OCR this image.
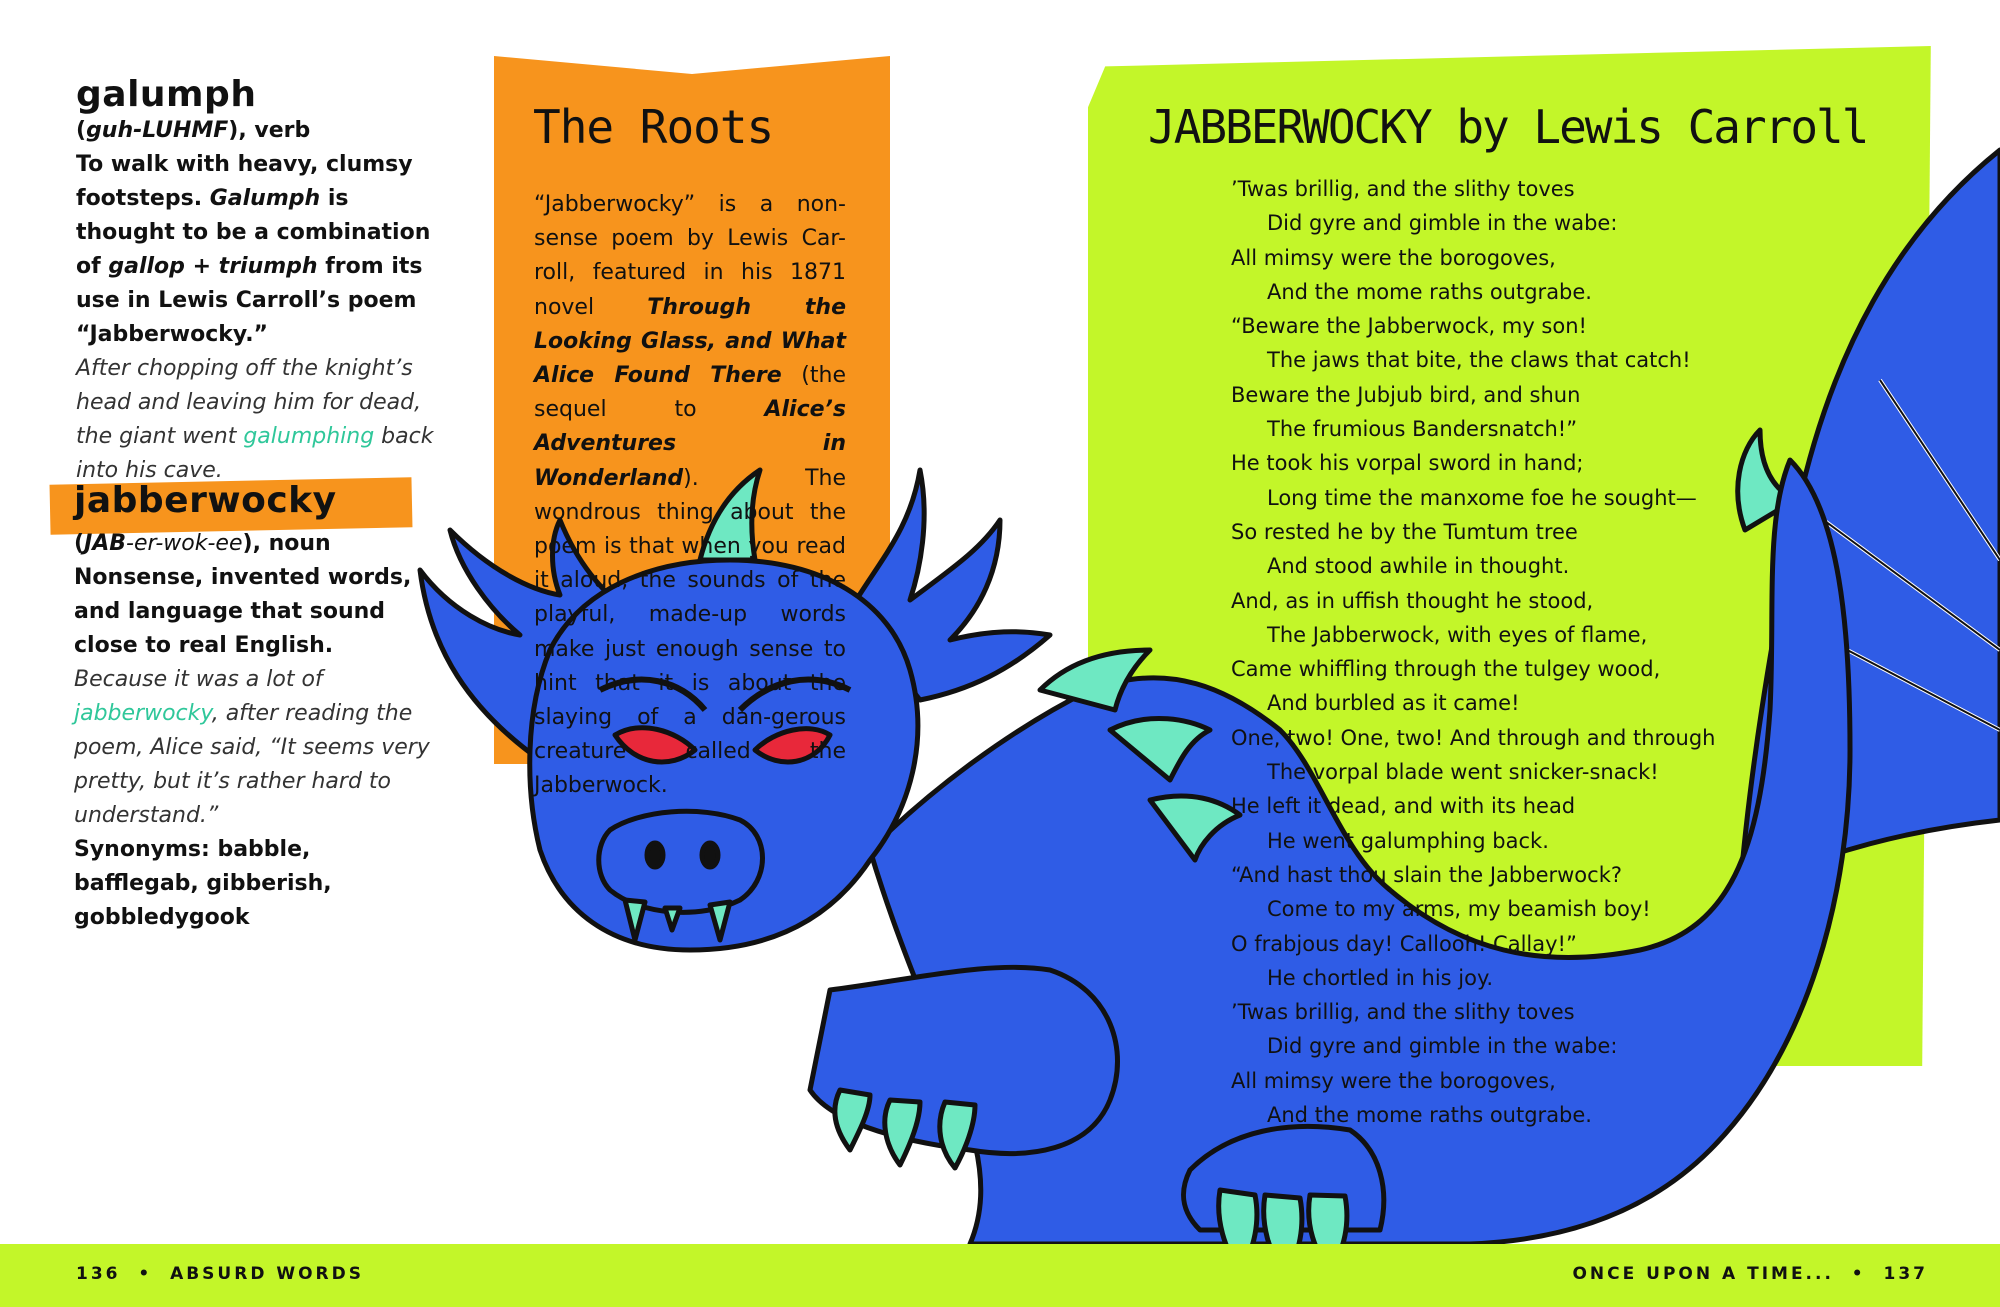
galumph
(guh-LUHMF), verb
To walk with heavy, clumsy footsteps. Galumph is thought to be a combination of gallop + triumph from its use in Lewis Carroll’s poem “Jabberwocky.”
After chopping off the knight’s head and leaving him for dead, the giant went galumphing back into his cave.
jabberwocky
(JAB-er-wok-ee), noun
Nonsense, invented words, and language that sound close to real English.
Because it was a lot of jabberwocky, after reading the poem, Alice said, “It seems very pretty, but it’s rather hard to understand.”
Synonyms: babble, bafflegab, gibberish, gobbledygook
The Roots
“Jabberwocky” is a non-sense poem by Lewis Car-roll, featured in his 1871 novel Through the Looking Glass, and What Alice Found There (the sequel to Alice’s Adventures in Wonderland). The wondrous thing about the poem is that when you read it aloud, the sounds of the playful, made-up words make just enough sense to hint that it is about the slaying of a dan-gerous creature called the Jabberwock.
JABBERWOCKY by Lewis Carroll
’Twas brillig, and the slithy toves
Did gyre and gimble in the wabe:
All mimsy were the borogoves,
And the mome raths outgrabe.
“Beware the Jabberwock, my son!
The jaws that bite, the claws that catch!
Beware the Jubjub bird, and shun
The frumious Bandersnatch!”
He took his vorpal sword in hand;
Long time the manxome foe he sought—
So rested he by the Tumtum tree
And stood awhile in thought.
And, as in uffish thought he stood,
The Jabberwock, with eyes of flame,
Came whiffling through the tulgey wood,
And burbled as it came!
One, two! One, two! And through and through
The vorpal blade went snicker-snack!
He left it dead, and with its head
He went galumphing back.
“And hast thou slain the Jabberwock?
Come to my arms, my beamish boy!
O frabjous day! Callooh! Callay!”
He chortled in his joy.
’Twas brillig, and the slithy toves
Did gyre and gimble in the wabe:
All mimsy were the borogoves,
And the mome raths outgrabe.
136 • ABSURD WORDS	ONCE UPON A TIME... • 137
